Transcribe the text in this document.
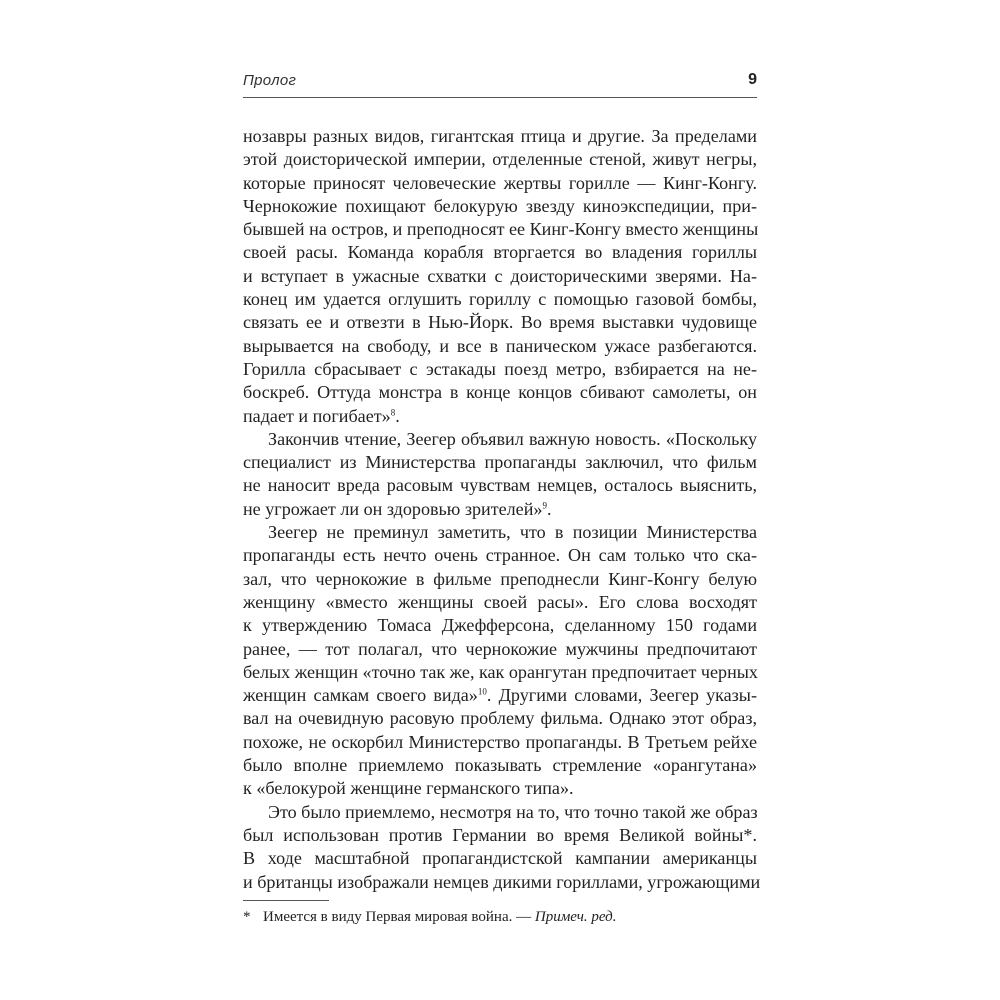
Пролог	9
нозавры разных видов, гигантская птица и другие. За пределами
этой доисторической империи, отделенные стеной, живут негры,
которые приносят человеческие жертвы горилле — Кинг-Конгу.
Чернокожие похищают белокурую звезду киноэкспедиции, при-
бывшей на остров, и преподносят ее Кинг-Конгу вместо женщины
своей расы. Команда корабля вторгается во владения гориллы
и вступает в ужасные схватки с доисторическими зверями. На-
конец им удается оглушить гориллу с помощью газовой бомбы,
связать ее и отвезти в Нью-Йорк. Во время выставки чудовище
вырывается на свободу, и все в паническом ужасе разбегаются.
Горилла сбрасывает с эстакады поезд метро, взбирается на не-
боскреб. Оттуда монстра в конце концов сбивают самолеты, он
падает и погибает»$^8$.
Закончив чтение, Зеегер объявил важную новость. «Поскольку
специалист из Министерства пропаганды заключил, что фильм
не наносит вреда расовым чувствам немцев, осталось выяснить,
не угрожает ли он здоровью зрителей»$^9$.
Зеегер не преминул заметить, что в позиции Министерства
пропаганды есть нечто очень странное. Он сам только что ска-
зал, что чернокожие в фильме преподнесли Кинг-Конгу белую
женщину «вместо женщины своей расы». Его слова восходят
к утверждению Томаса Джефферсона, сделанному 150 годами
ранее, — тот полагал, что чернокожие мужчины предпочитают
белых женщин «точно так же, как орангутан предпочитает черных
женщин самкам своего вида»$^{10}$. Другими словами, Зеегер указы-
вал на очевидную расовую проблему фильма. Однако этот образ,
похоже, не оскорбил Министерство пропаганды. В Третьем рейхе
было вполне приемлемо показывать стремление «орангутана»
к «белокурой женщине германского типа».
Это было приемлемо, несмотря на то, что точно такой же образ
был использован против Германии во время Великой войны*.
В ходе масштабной пропагандистской кампании американцы
и британцы изображали немцев дикими гориллами, угрожающими
* Имеется в виду Первая мировая война. — Примеч. ред.
